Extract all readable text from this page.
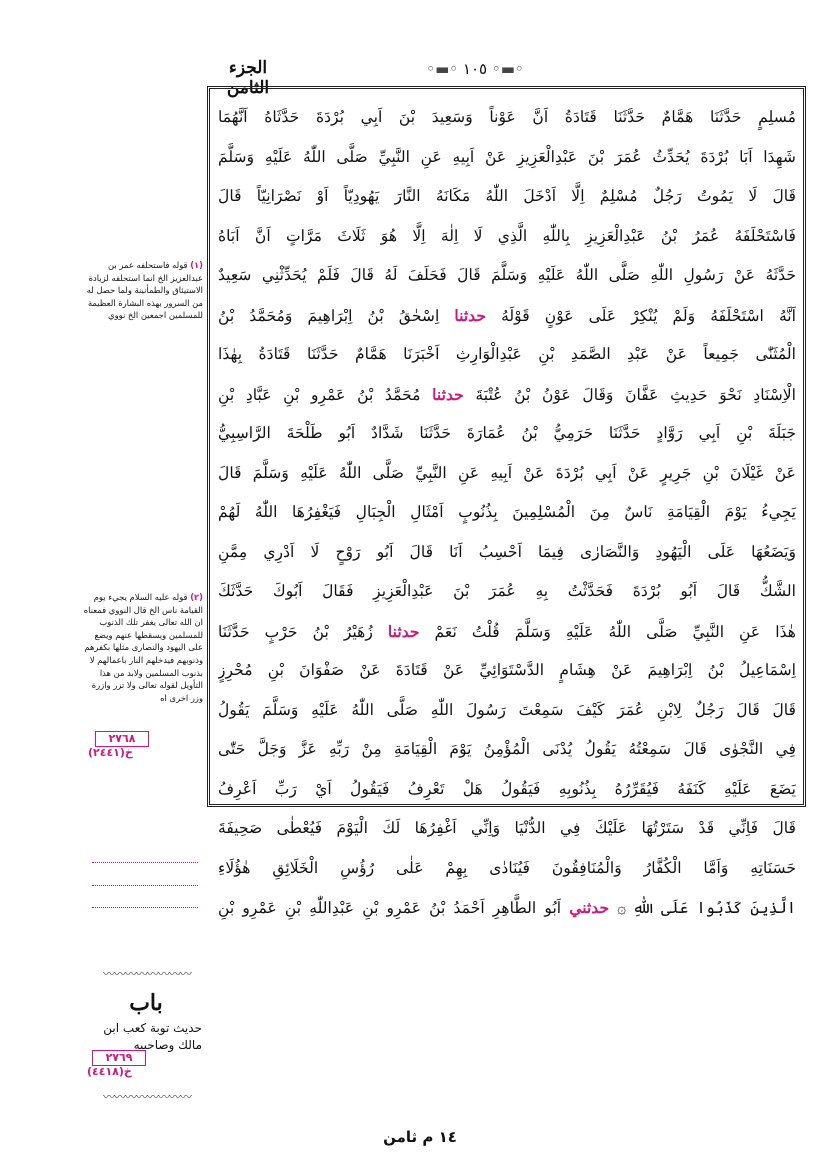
الجزء الثامن
◦▬◦ ١٠٥ ◦▬◦
مُسلِمٍ حَدَّثَنَا هَمَّامٌ حَدَّثَنَا قَتَادَةُ اَنَّ عَوْناً وَسَعِيدَ بْنَ اَبِي بُرْدَةَ حَدَّثَاهُ اَنَّهُمَا
شَهِدَا اَبَا بُرْدَةَ يُحَدِّثُ عُمَرَ بْنَ عَبْدِالْعَزِيزِ عَنْ اَبِيهِ عَنِ النَّبِيِّ صَلَّى اللّٰهُ عَلَيْهِ وَسَلَّمَ
قَالَ لَا يَمُوتُ رَجُلٌ مُسْلِمٌ اِلَّا اَدْخَلَ اللّٰهُ مَكَانَهُ النَّارَ يَهُودِيّاً اَوْ نَصْرَانِيّاً قَالَ
فَاسْتَحْلَفَهُ عُمَرُ بْنُ عَبْدِالْعَزِيزِ بِاللّٰهِ الَّذِي لَا اِلٰهَ اِلَّا هُوَ ثَلَاثَ مَرَّاتٍ اَنَّ اَبَاهُ
حَدَّثَهُ عَنْ رَسُولِ اللّٰهِ صَلَّى اللّٰهُ عَلَيْهِ وَسَلَّمَ قَالَ فَحَلَفَ لَهُ قَالَ فَلَمْ يُحَدِّثْنِي سَعِيدٌ
اَنَّهُ اسْتَحْلَفَهُ وَلَمْ يُنْكِرْ عَلَى عَوْنٍ قَوْلَهُ حدثنا اِسْحٰقُ بْنُ اِبْرَاهِيمَ وَمُحَمَّدُ بْنُ
الْمُثَنّٰى جَمِيعاً عَنْ عَبْدِ الصَّمَدِ بْنِ عَبْدِالْوَارِثِ اَخْبَرَنَا هَمَّامٌ حَدَّثَنَا قَتَادَةُ بِهٰذَا
الْاِسْنَادِ نَحْوَ حَدِيثِ عَفَّانَ وَقَالَ عَوْنُ بْنُ عُتْبَةَ حدثنا مُحَمَّدُ بْنُ عَمْرِو بْنِ عَبَّادِ بْنِ
جَبَلَةَ بْنِ اَبِي رَوَّادٍ حَدَّثَنَا حَرَمِيُّ بْنُ عُمَارَةَ حَدَّثَنَا شَدَّادٌ اَبُو طَلْحَةَ الرَّاسِبِيُّ
عَنْ غَيْلَانَ بْنِ جَرِيرٍ عَنْ اَبِي بُرْدَةَ عَنْ اَبِيهِ عَنِ النَّبِيِّ صَلَّى اللّٰهُ عَلَيْهِ وَسَلَّمَ قَالَ
يَجِيءُ يَوْمَ الْقِيَامَةِ نَاسٌ مِنَ الْمُسْلِمِينَ بِذُنُوبٍ اَمْثَالِ الْجِبَالِ فَيَغْفِرُهَا اللّٰهُ لَهُمْ
وَيَضَعُهَا عَلَى الْيَهُودِ وَالنَّصَارٰى فِيمَا اَحْسِبُ اَنَا قَالَ اَبُو رَوْحٍ لَا اَدْرِي مِمَّنِ
الشَّكُّ قَالَ اَبُو بُرْدَةَ فَحَدَّثْتُ بِهِ عُمَرَ بْنَ عَبْدِالْعَزِيزِ فَقَالَ اَبُوكَ حَدَّثَكَ
هٰذَا عَنِ النَّبِيِّ صَلَّى اللّٰهُ عَلَيْهِ وَسَلَّمَ قُلْتُ نَعَمْ حدثنا زُهَيْرُ بْنُ حَرْبٍ حَدَّثَنَا
اِسْمَاعِيلُ بْنُ اِبْرَاهِيمَ عَنْ هِشَامٍ الدَّسْتَوَائِيِّ عَنْ قَتَادَةَ عَنْ صَفْوَانَ بْنِ مُحْرِزٍ
قَالَ قَالَ رَجُلٌ لِابْنِ عُمَرَ كَيْفَ سَمِعْتَ رَسُولَ اللّٰهِ صَلَّى اللّٰهُ عَلَيْهِ وَسَلَّمَ يَقُولُ
فِي النَّجْوٰى قَالَ سَمِعْتُهُ يَقُولُ يُدْنَى الْمُؤْمِنُ يَوْمَ الْقِيَامَةِ مِنْ رَبِّهِ عَزَّ وَجَلَّ حَتّٰى
يَضَعَ عَلَيْهِ كَنَفَهُ فَيُقَرِّرُهُ بِذُنُوبِهِ فَيَقُولُ هَلْ تَعْرِفُ فَيَقُولُ اَيْ رَبِّ اَعْرِفُ
قَالَ فَاِنِّي قَدْ سَتَرْتُهَا عَلَيْكَ فِي الدُّنْيَا وَاِنِّي اَغْفِرُهَا لَكَ الْيَوْمَ فَيُعْطٰى صَحِيفَةَ
حَسَنَاتِهِ وَاَمَّا الْكُفَّارُ وَالْمُنَافِقُونَ فَيُنَادٰى بِهِمْ عَلٰى رُؤُسِ الْخَلَائِقِ هٰؤُلَاءِ
الَّذِينَ كَذَبُوا عَلَى اللّٰهِ ۞ حدثني اَبُو الطَّاهِرِ اَحْمَدُ بْنُ عَمْرِو بْنِ عَبْدِاللّٰهِ بْنِ عَمْرِو بْنِ
(١) قوله فاستحلفه عمر بن عبدالعزيز الخ انما استحلفه لزيادة الاستيثاق والطمأنينة ولما حصل له من السرور بهذه البشارة العظيمة للمسلمين اجمعين الخ نووي
(٢) قوله عليه السلام يجيء يوم القيامة ناس الخ قال النووي فمعناه ان الله تعالى يغفر تلك الذنوب للمسلمين ويسقطها عنهم ويضع على اليهود والنصارى مثلها بكفرهم وذنوبهم فيدخلهم النار باعمالهم لا بذنوب المسلمين ولابد من هذا التأويل لقوله تعالى ولا تزر وازرة وزر اخرى اه
٢٧٦٨
خ(٢٤٤١)
〰〰〰〰〰〰〰〰
باب
حديث توبة كعب ابن مالك وصاحبيه
٢٧٦٩
خ(٤٤١٨)
〰〰〰〰〰〰〰〰
١٤ م ثامن
